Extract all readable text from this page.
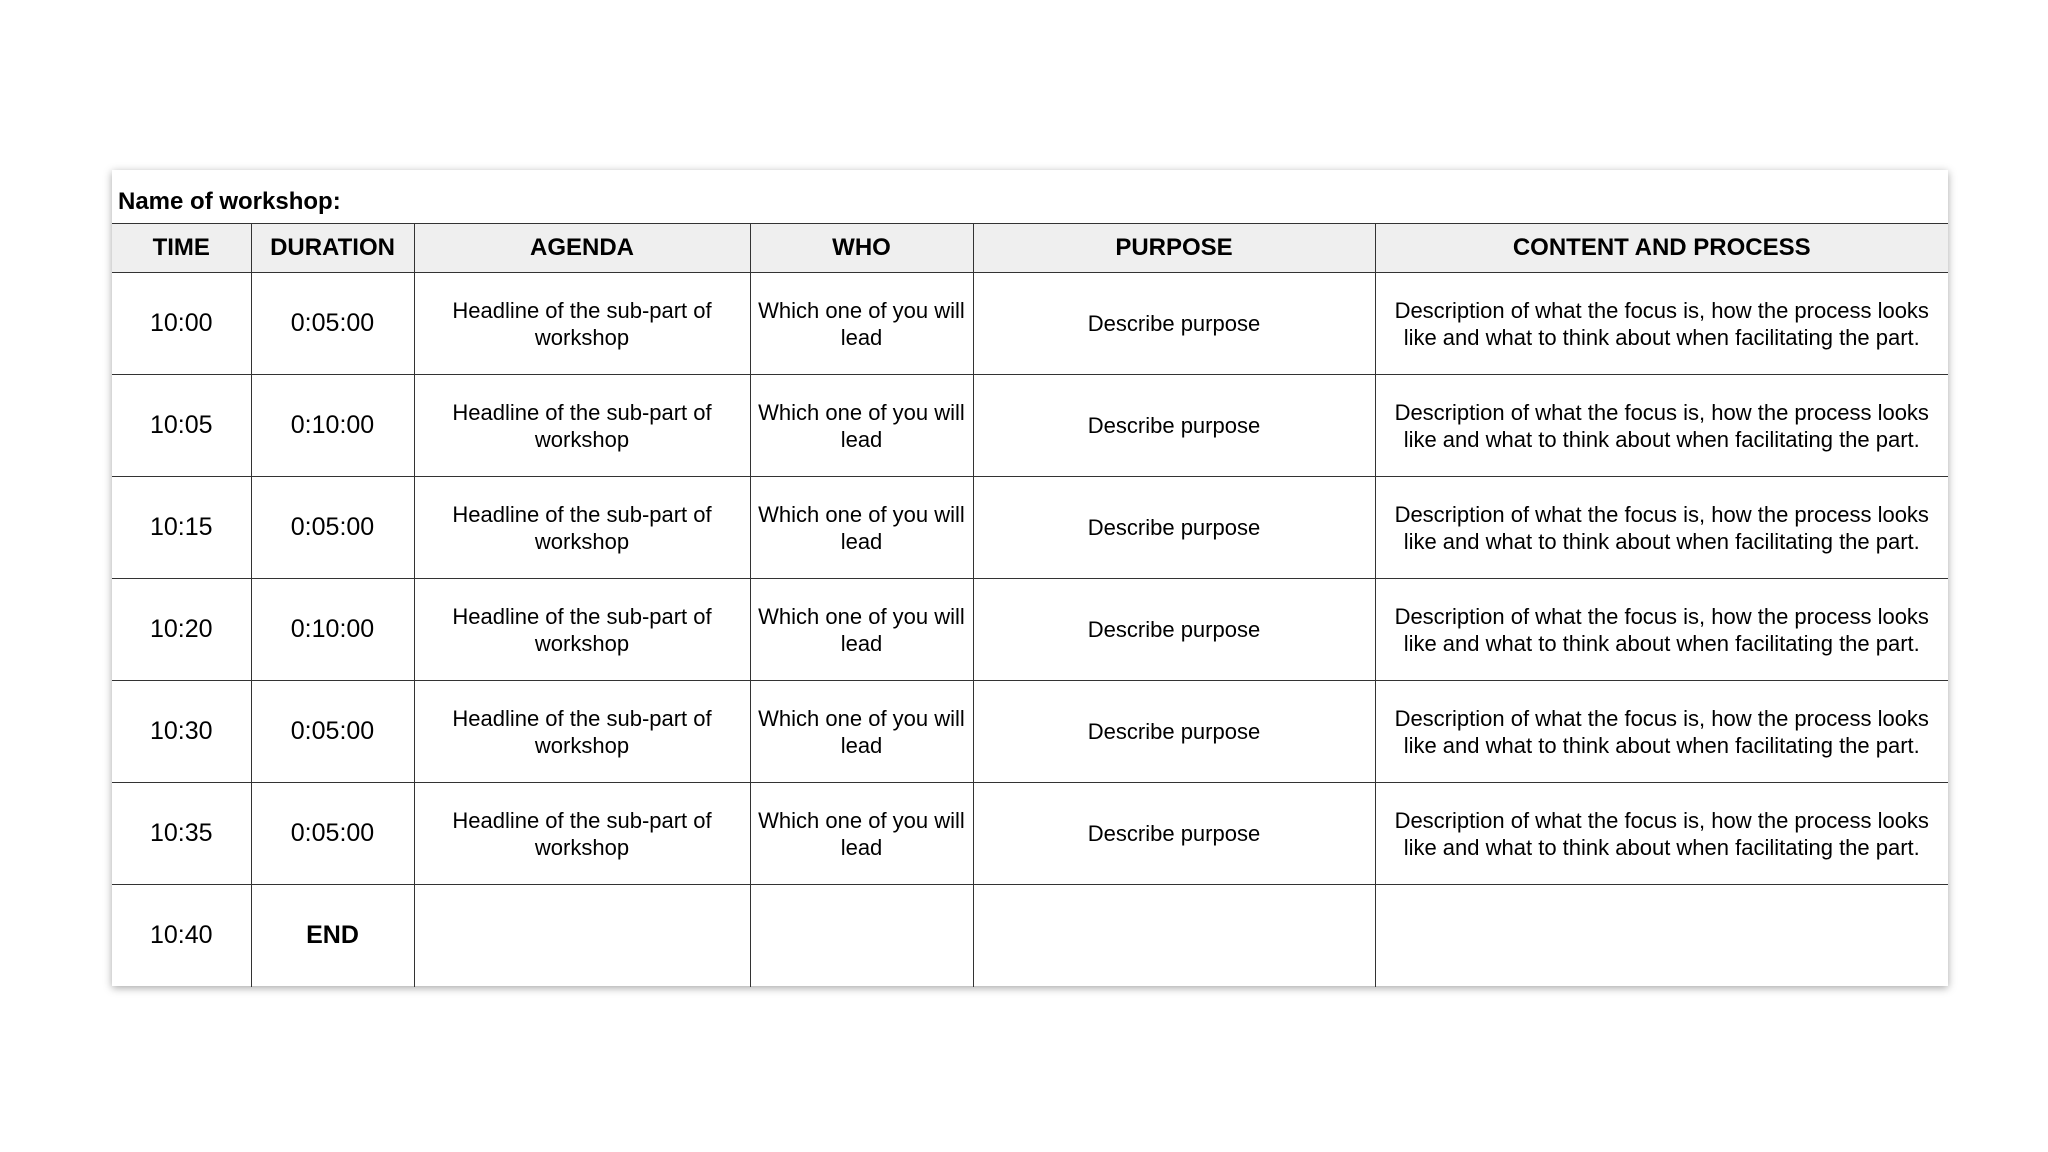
Name of workshop:
TIME	DURATION	AGENDA	WHO	PURPOSE	CONTENT AND PROCESS
10:00	0:05:00	Headline of the sub-part of workshop	Which one of you will lead	Describe purpose	Description of what the focus is, how the process looks like and what to think about when facilitating the part.
10:05	0:10:00	Headline of the sub-part of workshop	Which one of you will lead	Describe purpose	Description of what the focus is, how the process looks like and what to think about when facilitating the part.
10:15	0:05:00	Headline of the sub-part of workshop	Which one of you will lead	Describe purpose	Description of what the focus is, how the process looks like and what to think about when facilitating the part.
10:20	0:10:00	Headline of the sub-part of workshop	Which one of you will lead	Describe purpose	Description of what the focus is, how the process looks like and what to think about when facilitating the part.
10:30	0:05:00	Headline of the sub-part of workshop	Which one of you will lead	Describe purpose	Description of what the focus is, how the process looks like and what to think about when facilitating the part.
10:35	0:05:00	Headline of the sub-part of workshop	Which one of you will lead	Describe purpose	Description of what the focus is, how the process looks like and what to think about when facilitating the part.
10:40	END				
